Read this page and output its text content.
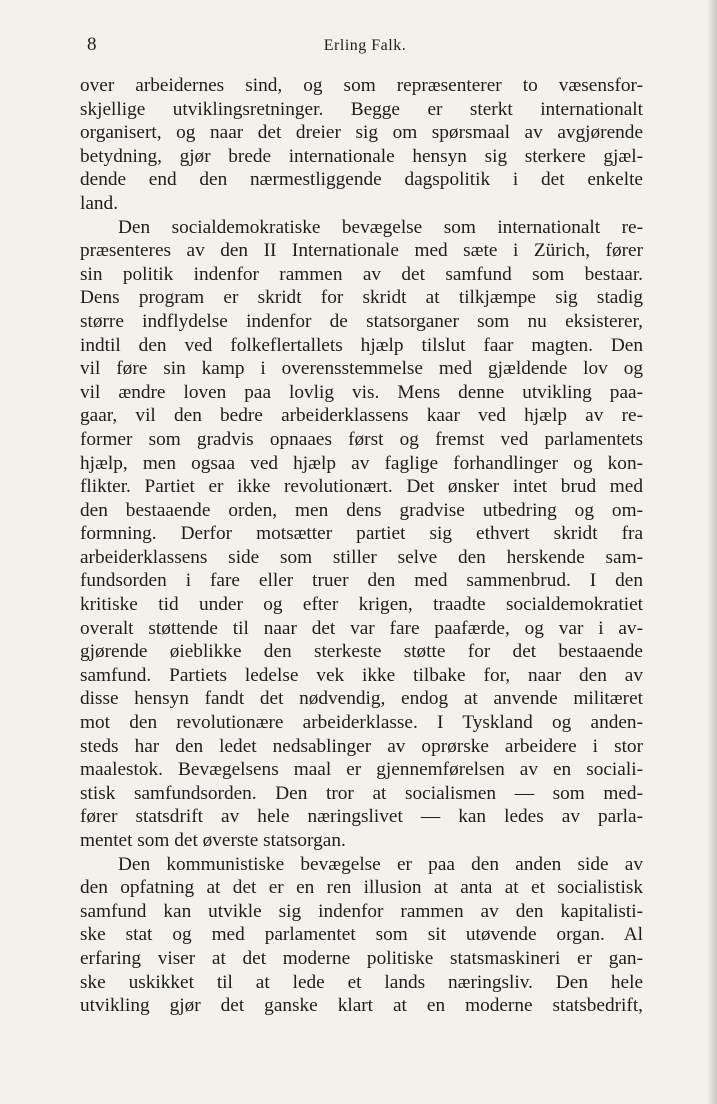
8	Erling Falk.
over arbeidernes sind, og som repræsenterer to væsensfor-
skjellige utviklingsretninger. Begge er sterkt internationalt
organisert, og naar det dreier sig om spørsmaal av avgjørende
betydning, gjør brede internationale hensyn sig sterkere gjæl-
dende end den nærmestliggende dagspolitik i det enkelte
land.
Den socialdemokratiske bevægelse som internationalt re-
præsenteres av den II Internationale med sæte i Zürich, fører
sin politik indenfor rammen av det samfund som bestaar.
Dens program er skridt for skridt at tilkjæmpe sig stadig
større indflydelse indenfor de statsorganer som nu eksisterer,
indtil den ved folkeflertallets hjælp tilslut faar magten. Den
vil føre sin kamp i overensstemmelse med gjældende lov og
vil ændre loven paa lovlig vis. Mens denne utvikling paa-
gaar, vil den bedre arbeiderklassens kaar ved hjælp av re-
former som gradvis opnaaes først og fremst ved parlamentets
hjælp, men ogsaa ved hjælp av faglige forhandlinger og kon-
flikter. Partiet er ikke revolutionært. Det ønsker intet brud med
den bestaaende orden, men dens gradvise utbedring og om-
formning. Derfor motsætter partiet sig ethvert skridt fra
arbeiderklassens side som stiller selve den herskende sam-
fundsorden i fare eller truer den med sammenbrud. I den
kritiske tid under og efter krigen, traadte socialdemokratiet
overalt støttende til naar det var fare paafærde, og var i av-
gjørende øieblikke den sterkeste støtte for det bestaaende
samfund. Partiets ledelse vek ikke tilbake for, naar den av
disse hensyn fandt det nødvendig, endog at anvende militæret
mot den revolutionære arbeiderklasse. I Tyskland og anden-
steds har den ledet nedsablinger av oprørske arbeidere i stor
maalestok. Bevægelsens maal er gjennemførelsen av en sociali-
stisk samfundsorden. Den tror at socialismen — som med-
fører statsdrift av hele næringslivet — kan ledes av parla-
mentet som det øverste statsorgan.
Den kommunistiske bevægelse er paa den anden side av
den opfatning at det er en ren illusion at anta at et socialistisk
samfund kan utvikle sig indenfor rammen av den kapitalisti-
ske stat og med parlamentet som sit utøvende organ. Al
erfaring viser at det moderne politiske statsmaskineri er gan-
ske uskikket til at lede et lands næringsliv. Den hele
utvikling gjør det ganske klart at en moderne statsbedrift,
